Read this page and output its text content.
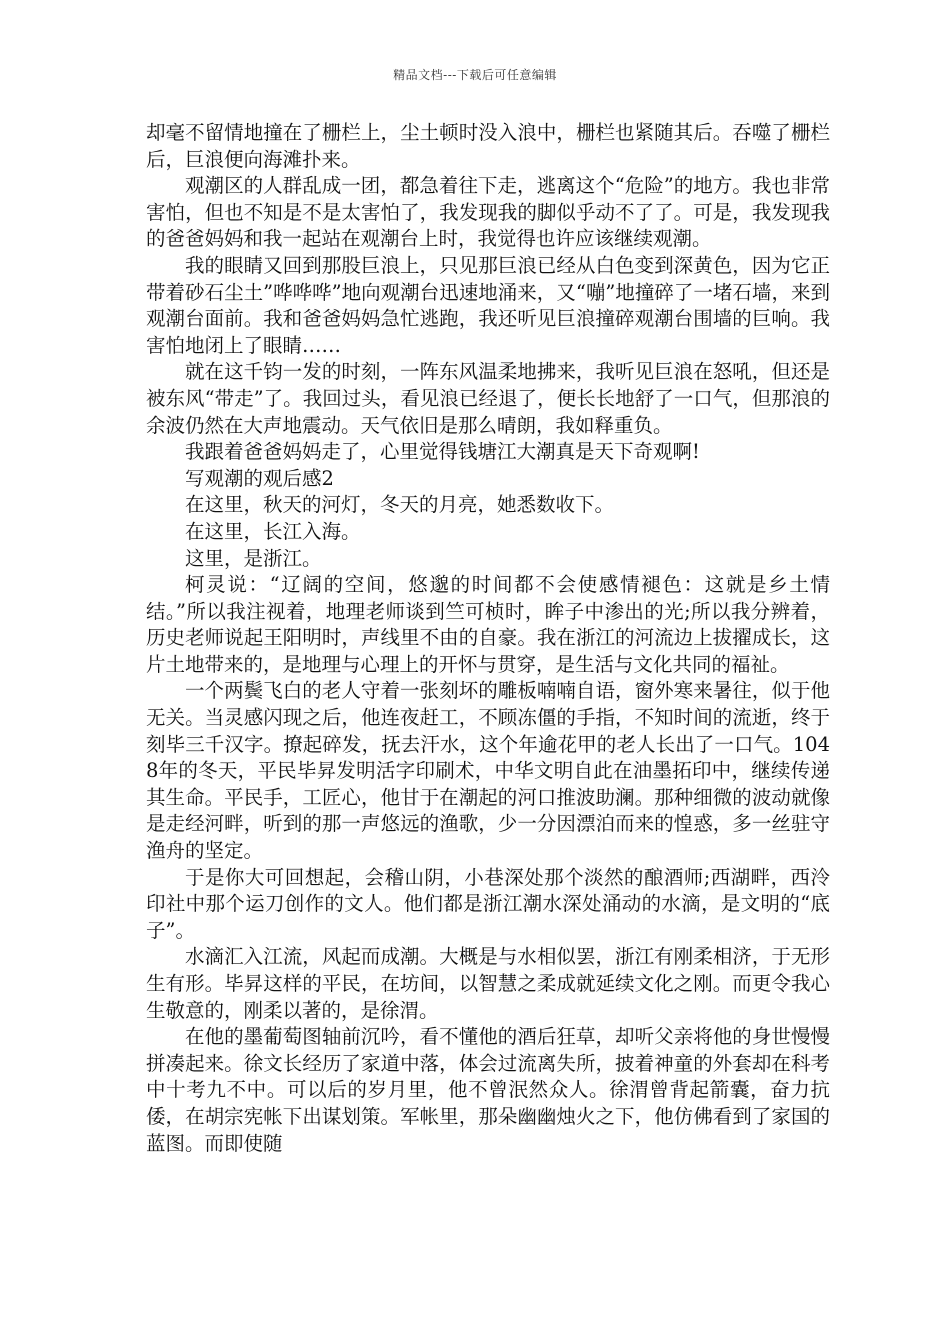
精品文档---下载后可任意编辑

却毫不留情地撞在了栅栏上，尘土顿时没入浪中，栅栏也紧随其后。吞噬了栅栏后，巨浪便向海滩扑来。

观潮区的人群乱成一团，都急着往下走，逃离这个“危险”的地方。我也非常害怕，但也不知是不是太害怕了，我发现我的脚似乎动不了了。可是，我发现我的爸爸妈妈和我一起站在观潮台上时，我觉得也许应该继续观潮。

我的眼睛又回到那股巨浪上，只见那巨浪已经从白色变到深黄色，因为它正带着砂石尘土”哗哗哗”地向观潮台迅速地涌来，又“嘣”地撞碎了一堵石墙，来到观潮台面前。我和爸爸妈妈急忙逃跑，我还听见巨浪撞碎观潮台围墙的巨响。我害怕地闭上了眼睛……

就在这千钧一发的时刻，一阵东风温柔地拂来，我听见巨浪在怒吼，但还是被东风“带走”了。我回过头，看见浪已经退了，便长长地舒了一口气，但那浪的余波仍然在大声地震动。天气依旧是那么晴朗，我如释重负。

我跟着爸爸妈妈走了，心里觉得钱塘江大潮真是天下奇观啊!

写观潮的观后感2

在这里，秋天的河灯，冬天的月亮，她悉数收下。

在这里，长江入海。

这里，是浙江。

柯灵说：“辽阔的空间，悠邈的时间都不会使感情褪色：这就是乡土情结。”所以我注视着，地理老师谈到竺可桢时，眸子中渗出的光;所以我分辨着，历史老师说起王阳明时，声线里不由的自豪。我在浙江的河流边上拔擢成长，这片土地带来的，是地理与心理上的开怀与贯穿，是生活与文化共同的福祉。

一个两鬓飞白的老人守着一张刻坏的雕板喃喃自语，窗外寒来暑往，似于他无关。当灵感闪现之后，他连夜赶工，不顾冻僵的手指，不知时间的流逝，终于刻毕三千汉字。撩起碎发，抚去汗水，这个年逾花甲的老人长出了一口气。1048年的冬天，平民毕昇发明活字印刷术，中华文明自此在油墨拓印中，继续传递其生命。平民手，工匠心，他甘于在潮起的河口推波助澜。那种细微的波动就像是走经河畔，听到的那一声悠远的渔歌，少一分因漂泊而来的惶惑，多一丝驻守渔舟的坚定。

于是你大可回想起，会稽山阴，小巷深处那个淡然的酿酒师;西湖畔，西泠印社中那个运刀创作的文人。他们都是浙江潮水深处涌动的水滴，是文明的“底子”。

水滴汇入江流，风起而成潮。大概是与水相似罢，浙江有刚柔相济，于无形生有形。毕昇这样的平民，在坊间，以智慧之柔成就延续文化之刚。而更令我心生敬意的，刚柔以著的，是徐渭。

在他的墨葡萄图轴前沉吟，看不懂他的酒后狂草，却听父亲将他的身世慢慢拼凑起来。徐文长经历了家道中落，体会过流离失所，披着神童的外套却在科考中十考九不中。可以后的岁月里，他不曾泯然众人。徐渭曾背起箭囊，奋力抗倭，在胡宗宪帐下出谋划策。军帐里，那朵幽幽烛火之下，他仿佛看到了家国的蓝图。而即使随
